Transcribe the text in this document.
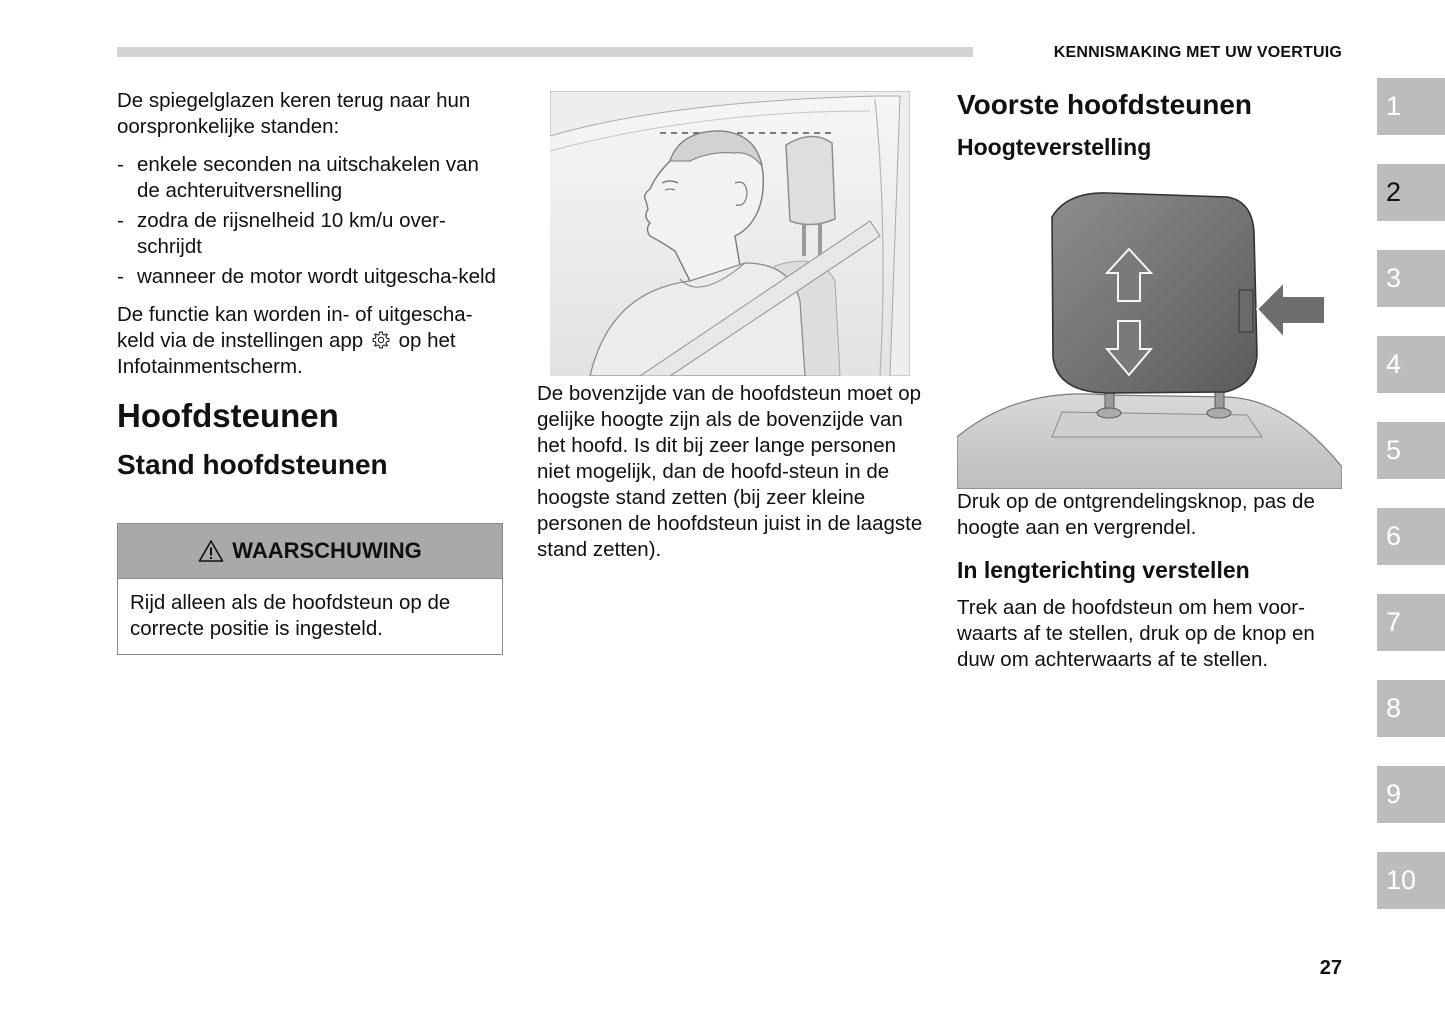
KENNISMAKING MET UW VOERTUIG

De spiegelglazen keren terug naar hun oorspronkelijke standen:

- enkele seconden na uitschakelen van de achteruitversnelling
- zodra de rijsnelheid 10 km/u over-schrijdt
- wanneer de motor wordt uitgescha-keld

De functie kan worden in- of uitgescha-keld via de instellingen app op het Infotainmentscherm.

Hoofdsteunen
Stand hoofdsteunen
WAARSCHUWING
Rijd alleen als de hoofdsteun op de correcte positie is ingesteld.

De bovenzijde van de hoofdsteun moet op gelijke hoogte zijn als de bovenzijde van het hoofd. Is dit bij zeer lange personen niet mogelijk, dan de hoofd-steun in de hoogste stand zetten (bij zeer kleine personen de hoofdsteun juist in de laagste stand zetten).

Voorste hoofdsteunen
Hoogteverstelling

Druk op de ontgrendelingsknop, pas de hoogte aan en vergrendel.

In lengterichting verstellen

Trek aan de hoofdsteun om hem voor-waarts af te stellen, druk op de knop en duw om achterwaarts af te stellen.

1
2
3
4
5
6
7
8
9
10
27
